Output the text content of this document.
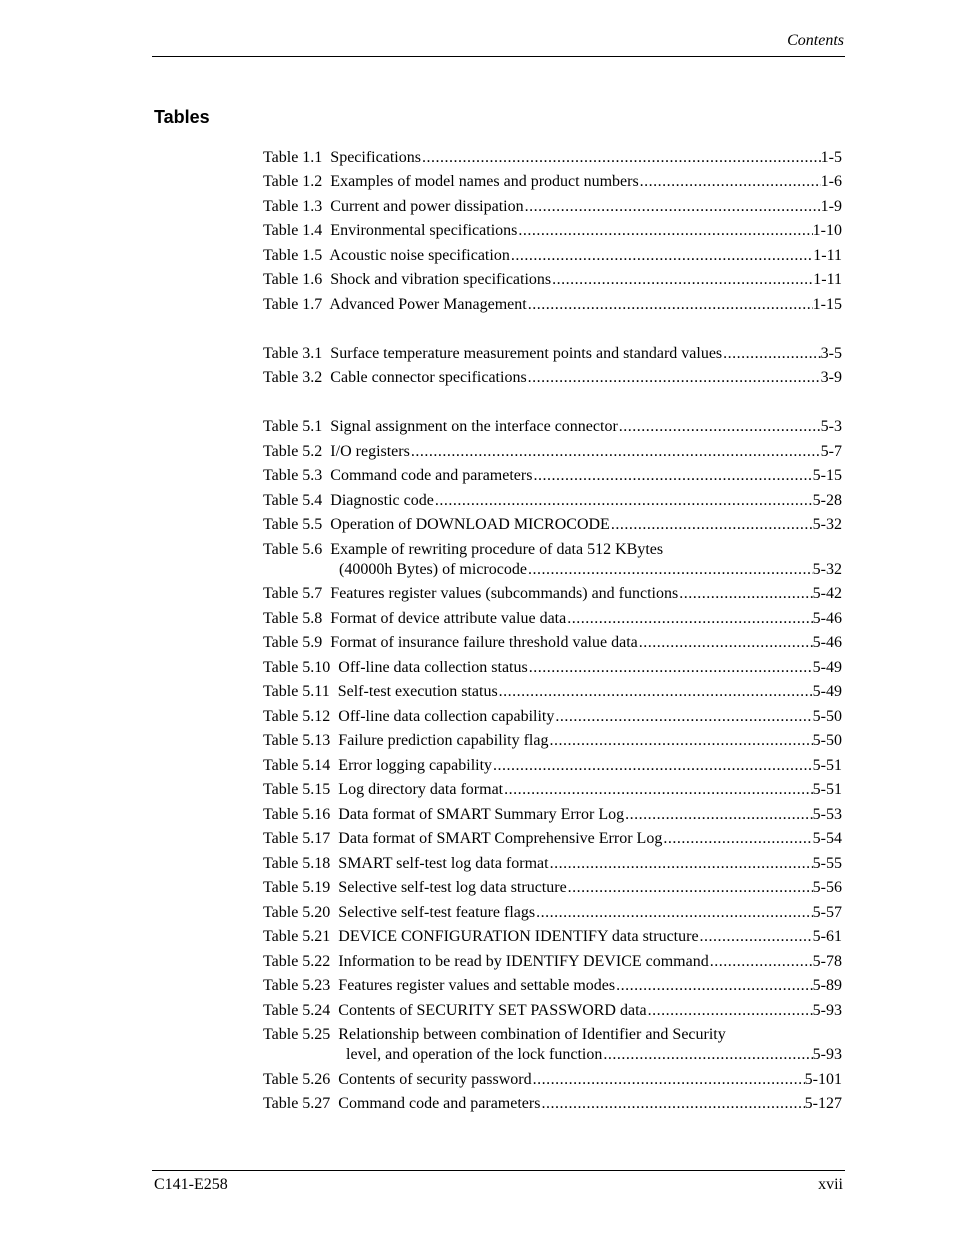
Contents
Tables
Table 1.1  Specifications .....	1-5
Table 1.2  Examples of model names and product numbers .....	1-6
Table 1.3  Current and power dissipation .....	1-9
Table 1.4  Environmental specifications .....	1-10
Table 1.5  Acoustic noise specification .....	1-11
Table 1.6  Shock and vibration specifications .....	1-11
Table 1.7  Advanced Power Management .....	1-15
Table 3.1  Surface temperature measurement points and standard values .....	3-5
Table 3.2  Cable connector specifications .....	3-9
Table 5.1  Signal assignment on the interface connector .....	5-3
Table 5.2  I/O registers .....	5-7
Table 5.3  Command code and parameters .....	5-15
Table 5.4  Diagnostic code .....	5-28
Table 5.5  Operation of DOWNLOAD MICROCODE .....	5-32
Table 5.6  Example of rewriting procedure of data 512 KBytes
(40000h Bytes) of microcode .....	5-32
Table 5.7  Features register values (subcommands) and functions .....	5-42
Table 5.8  Format of device attribute value data .....	5-46
Table 5.9  Format of insurance failure threshold value data .....	5-46
Table 5.10  Off-line data collection status .....	5-49
Table 5.11  Self-test execution status .....	5-49
Table 5.12  Off-line data collection capability .....	5-50
Table 5.13  Failure prediction capability flag .....	5-50
Table 5.14  Error logging capability .....	5-51
Table 5.15  Log directory data format .....	5-51
Table 5.16  Data format of SMART Summary Error Log .....	5-53
Table 5.17  Data format of SMART Comprehensive Error Log .....	5-54
Table 5.18  SMART self-test log data format .....	5-55
Table 5.19  Selective self-test log data structure .....	5-56
Table 5.20  Selective self-test feature flags .....	5-57
Table 5.21  DEVICE CONFIGURATION IDENTIFY data structure .....	5-61
Table 5.22  Information to be read by IDENTIFY DEVICE command .....	5-78
Table 5.23  Features register values and settable modes .....	5-89
Table 5.24  Contents of SECURITY SET PASSWORD data .....	5-93
Table 5.25  Relationship between combination of Identifier and Security
level, and operation of the lock function .....	5-93
Table 5.26  Contents of security password .....	5-101
Table 5.27  Command code and parameters .....	5-127
C141-E258	xvii
